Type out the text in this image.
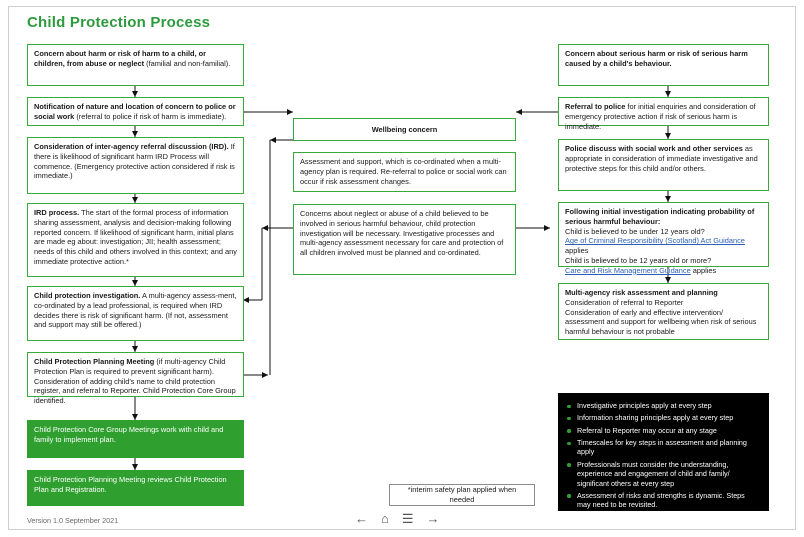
Child Protection Process
Concern about harm or risk of harm to a child, or children, from abuse or neglect (familial and non-familial).
Notification of nature and location of concern to police or social work (referral to police if risk of harm is immediate).
Consideration of inter-agency referral discussion (IRD). If there is likelihood of significant harm IRD Process will commence. (Emergency protective action considered if risk is immediate.)
IRD process. The start of the formal process of information sharing assessment, analysis and decision-making following reported concern. If likelihood of significant harm, initial plans are made eg about: investigation; JII; health assessment; needs of this child and others involved in this context; and any immediate protective action.*
Child protection investigation. A multi-agency assess-ment, co-ordinated by a lead professional, is required when IRD decides there is risk of significant harm. (If not, assessment and support may still be offered.)
Child Protection Planning Meeting (if multi-agency Child Protection Plan is required to prevent significant harm). Consideration of adding child's name to child protection register, and referral to Reporter. Child Protection Core Group identified.
Child Protection Core Group Meetings work with child and family to implement plan.
Child Protection Planning Meeting reviews Child Protection Plan and Registration.
Wellbeing concern
Assessment and support, which is co-ordinated when a multi-agency plan is required. Re-referral to police or social work can occur if risk assessment changes.
Concerns about neglect or abuse of a child believed to be involved in serious harmful behaviour, child protection investigation will be necessary. Investigative processes and multi-agency assessment necessary for care and protection of all children involved must be planned and co-ordinated.
Concern about serious harm or risk of serious harm caused by a child's behaviour.
Referral to police for initial enquiries and consideration of emergency protective action if risk of serious harm is immediate.
Police discuss with social work and other services as appropriate in consideration of immediate investigative and protective steps for this child and/or others.
Following initial investigation indicating probability of serious harmful behaviour:
Child is believed to be under 12 years old?
Age of Criminal Responsibility (Scotland) Act Guidance applies
Child is believed to be 12 years old or more?
Care and Risk Management Guidance applies
Multi-agency risk assessment and planning
Consideration of referral to Reporter
Consideration of early and effective intervention/ assessment and support for wellbeing when risk of serious harmful behaviour is not probable
Investigative principles apply at every step
Information sharing principles apply at every step
Referral to Reporter may occur at any stage
Timescales for key steps in assessment and planning apply
Professionals must consider the understanding, experience and engagement of child and family/ significant others at every step
Assessment of risks and strengths is dynamic. Steps may need to be revisited.
*interim safety plan applied when needed
Version 1.0 September 2021	← ⌂ ☰ →
